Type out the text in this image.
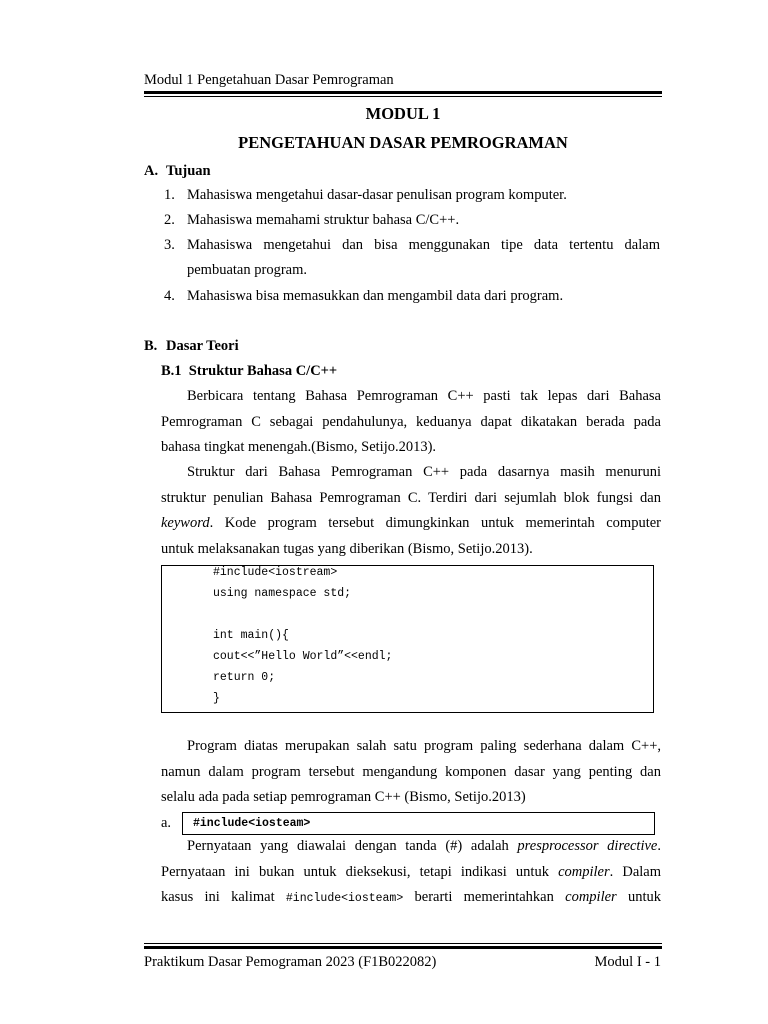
Modul 1 Pengetahuan Dasar Pemrograman
MODUL 1
PENGETAHUAN DASAR PEMROGRAMAN
A. Tujuan
1. Mahasiswa mengetahui dasar-dasar penulisan program komputer.
2. Mahasiswa memahami struktur bahasa C/C++.
3. Mahasiswa mengetahui dan bisa menggunakan tipe data tertentu dalam
pembuatan program.
4. Mahasiswa bisa memasukkan dan mengambil data dari program.
B. Dasar Teori
B.1 Struktur Bahasa C/C++
Berbicara tentang Bahasa Pemrograman C++ pasti tak lepas dari Bahasa
Pemrograman C sebagai pendahulunya, keduanya dapat dikatakan berada pada
bahasa tingkat menengah.(Bismo, Setijo.2013).
Struktur dari Bahasa Pemrograman C++ pada dasarnya masih menuruni
struktur penulian Bahasa Pemrograman C. Terdiri dari sejumlah blok fungsi dan
keyword. Kode program tersebut dimungkinkan untuk memerintah computer
untuk melaksanakan tugas yang diberikan (Bismo, Setijo.2013).
#include<iostream>
using namespace std;
int main(){
cout<<”Hello World”<<endl;
return 0;
}
Program diatas merupakan salah satu program paling sederhana dalam C++,
namun dalam program tersebut mengandung komponen dasar yang penting dan
selalu ada pada setiap pemrograman C++ (Bismo, Setijo.2013)
a. #include<iosteam>
Pernyataan yang diawalai dengan tanda (#) adalah presprocessor directive.
Pernyataan ini bukan untuk dieksekusi, tetapi indikasi untuk compiler. Dalam
kasus ini kalimat #include<iosteam> berarti memerintahkan compiler untuk
Praktikum Dasar Pemograman 2023 (F1B022082)	Modul I - 1
